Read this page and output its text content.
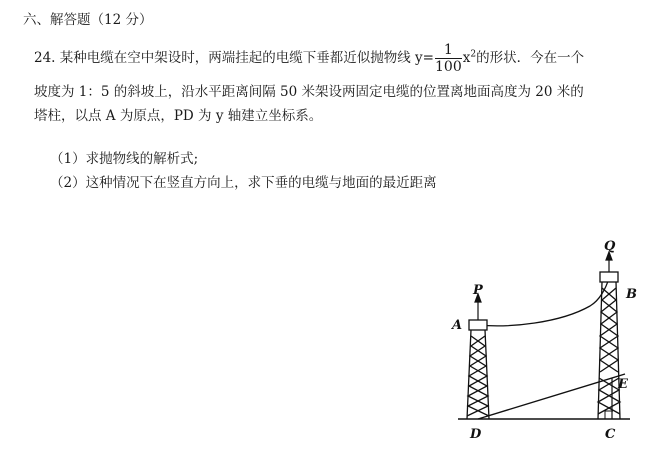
六、解答题（12 分）
24. 某种电缆在空中架设时，两端挂起的电缆下垂都近似抛物线 $y= \frac{1}{100} x^2$的形状．今在一个
坡度为 1：5 的斜坡上，沿水平距离间隔 50 米架设两固定电缆的位置离地面高度为 20 米的
塔柱，以点 A 为原点，PD 为 y 轴建立坐标系。
（1）求抛物线的解析式;
（2）这种情况下在竖直方向上，求下垂的电缆与地面的最近距离
P
Q
A
B
E
D	C
